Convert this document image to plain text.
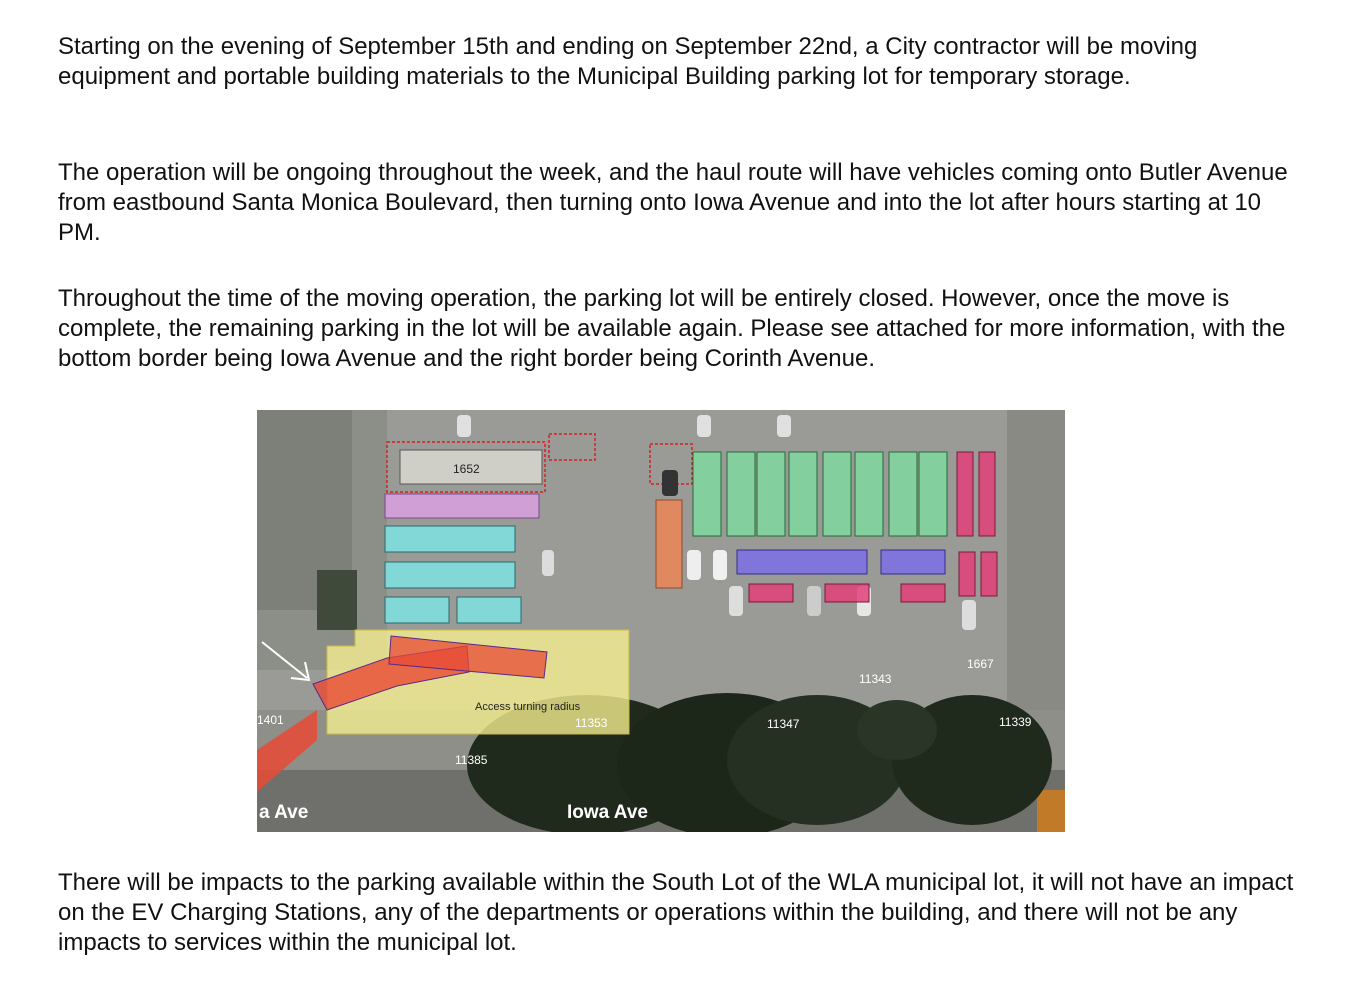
Starting on the evening of September 15th and ending on September 22nd, a City contractor will be moving equipment and portable building materials to the Municipal Building parking lot for temporary storage.

The operation will be ongoing throughout the week, and the haul route will have vehicles coming onto Butler Avenue from eastbound Santa Monica Boulevard, then turning onto Iowa Avenue and into the lot after hours starting at 10 PM.

Throughout the time of the moving operation, the parking lot will be entirely closed. However, once the move is complete, the remaining parking in the lot will be available again. Please see attached for more information, with the bottom border being Iowa Avenue and the right border being Corinth Avenue.

1652
Access turning radius
11353
11385
11347
11343
1667
11339
1401
Iowa Ave
a Ave

There will be impacts to the parking available within the South Lot of the WLA municipal lot, it will not have an impact on the EV Charging Stations, any of the departments or operations within the building, and there will not be any impacts to services within the municipal lot.
